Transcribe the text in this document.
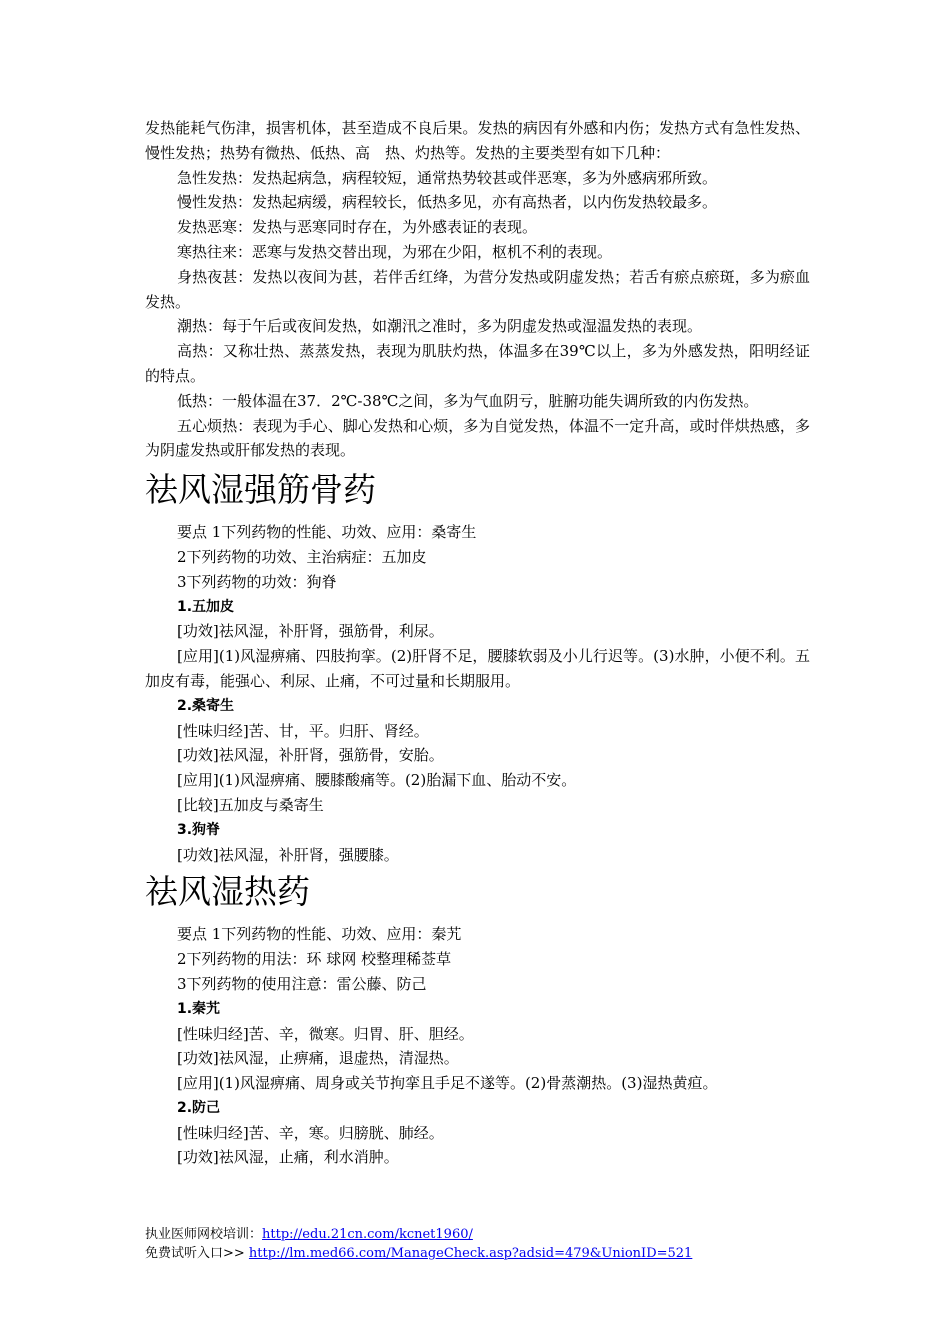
发热能耗气伤津，损害机体，甚至造成不良后果。发热的病因有外感和内伤；发热方式有急性发热、慢性发热；热势有微热、低热、高　热、灼热等。发热的主要类型有如下几种：

急性发热：发热起病急，病程较短，通常热势较甚或伴恶寒，多为外感病邪所致。

慢性发热：发热起病缓，病程较长，低热多见，亦有高热者，以内伤发热较最多。

发热恶寒：发热与恶寒同时存在，为外感表证的表现。

寒热往来：恶寒与发热交替出现，为邪在少阳，枢机不利的表现。

身热夜甚：发热以夜间为甚，若伴舌红绛，为营分发热或阴虚发热；若舌有瘀点瘀斑，多为瘀血发热。

潮热：每于午后或夜间发热，如潮汛之准时，多为阴虚发热或湿温发热的表现。

高热：又称壮热、蒸蒸发热，表现为肌肤灼热，体温多在39℃以上，多为外感发热，阳明经证的特点。

低热：一般体温在37．2℃-38℃之间，多为气血阴亏，脏腑功能失调所致的内伤发热。

五心烦热：表现为手心、脚心发热和心烦，多为自觉发热，体温不一定升高，或时伴烘热感，多为阴虚发热或肝郁发热的表现。

祛风湿强筋骨药

要点 1下列药物的性能、功效、应用：桑寄生

2下列药物的功效、主治病症：五加皮

3下列药物的功效：狗脊

1.五加皮

[功效]祛风湿，补肝肾，强筋骨，利尿。

[应用](1)风湿痹痛、四肢拘挛。(2)肝肾不足，腰膝软弱及小儿行迟等。(3)水肿，小便不利。五加皮有毒，能强心、利尿、止痛，不可过量和长期服用。

2.桑寄生

[性味归经]苦、甘，平。归肝、肾经。

[功效]祛风湿，补肝肾，强筋骨，安胎。

[应用](1)风湿痹痛、腰膝酸痛等。(2)胎漏下血、胎动不安。

[比较]五加皮与桑寄生

3.狗脊

[功效]祛风湿，补肝肾，强腰膝。

祛风湿热药

要点 1下列药物的性能、功效、应用：秦艽

2下列药物的用法：环 球网 校整理稀莶草

3下列药物的使用注意：雷公藤、防己

1.秦艽

[性味归经]苦、辛，微寒。归胃、肝、胆经。

[功效]祛风湿，止痹痛，退虚热，清湿热。

[应用](1)风湿痹痛、周身或关节拘挛且手足不遂等。(2)骨蒸潮热。(3)湿热黄疸。

2.防己

[性味归经]苦、辛，寒。归膀胱、肺经。

[功效]祛风湿，止痛，利水消肿。

执业医师网校培训：http://edu.21cn.com/kcnet1960/
免费试听入口>> http://lm.med66.com/ManageCheck.asp?adsid=479&UnionID=521
